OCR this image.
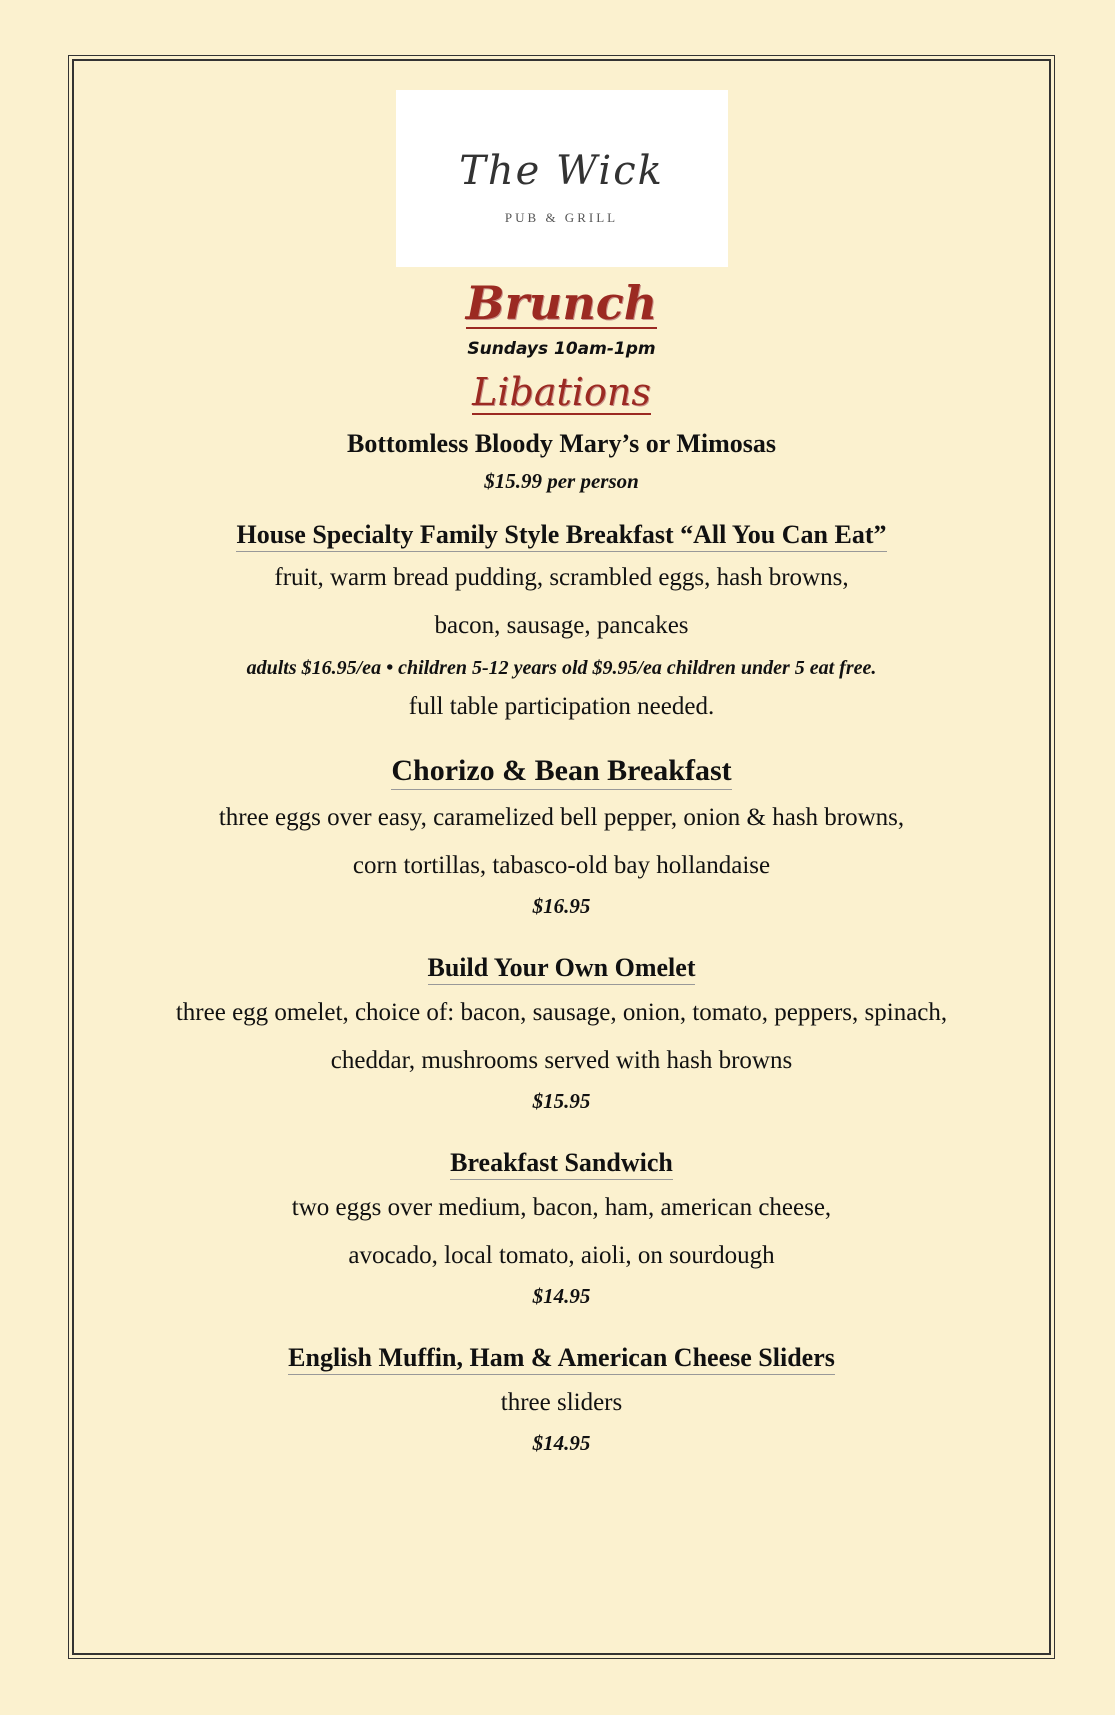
The Wick
PUB & GRILL
Brunch
Sundays 10am-1pm
Libations
Bottomless Bloody Mary’s or Mimosas
$15.99 per person
House Specialty Family Style Breakfast “All You Can Eat”
fruit, warm bread pudding, scrambled eggs, hash browns,
bacon, sausage, pancakes
adults $16.95/ea • children 5-12 years old $9.95/ea children under 5 eat free.
full table participation needed.
Chorizo & Bean Breakfast
three eggs over easy, caramelized bell pepper, onion & hash browns,
corn tortillas, tabasco-old bay hollandaise
$16.95
Build Your Own Omelet
three egg omelet, choice of: bacon, sausage, onion, tomato, peppers, spinach,
cheddar, mushrooms served with hash browns
$15.95
Breakfast Sandwich
two eggs over medium, bacon, ham, american cheese,
avocado, local tomato, aioli, on sourdough
$14.95
English Muffin, Ham & American Cheese Sliders
three sliders
$14.95
